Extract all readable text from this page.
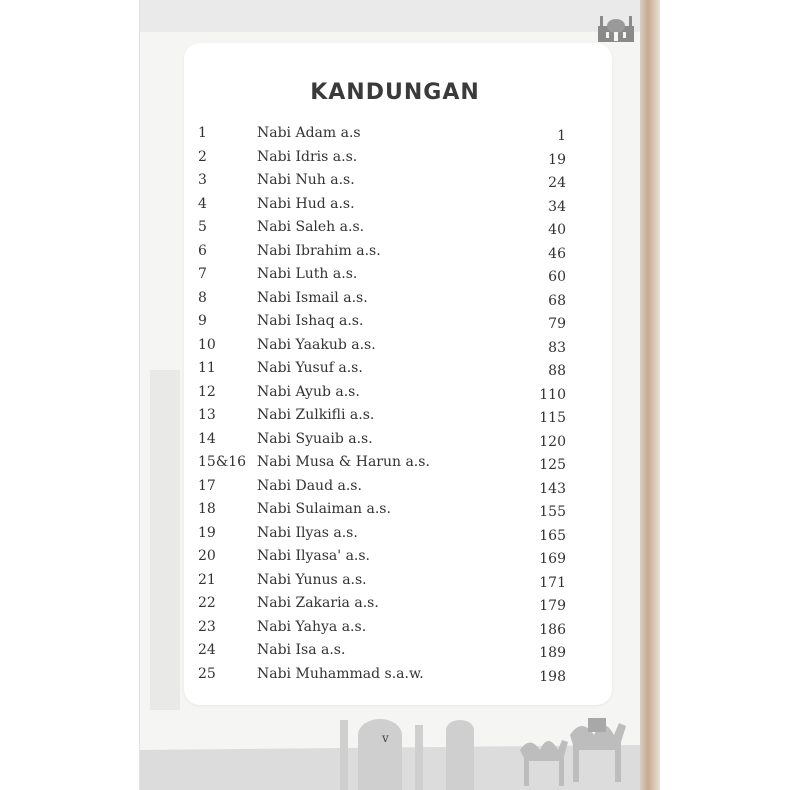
KANDUNGAN
1	Nabi Adam a.s	1
2	Nabi Idris a.s.	19
3	Nabi Nuh a.s.	24
4	Nabi Hud a.s.	34
5	Nabi Saleh a.s.	40
6	Nabi Ibrahim a.s.	46
7	Nabi Luth a.s.	60
8	Nabi Ismail a.s.	68
9	Nabi Ishaq a.s.	79
10	Nabi Yaakub a.s.	83
11	Nabi Yusuf a.s.	88
12	Nabi Ayub a.s.	110
13	Nabi Zulkifli a.s.	115
14	Nabi Syuaib a.s.	120
15&16 Nabi Musa & Harun a.s.	125
17	Nabi Daud a.s.	143
18	Nabi Sulaiman a.s.	155
19	Nabi Ilyas a.s.	165
20	Nabi Ilyasa' a.s.	169
21	Nabi Yunus a.s.	171
22	Nabi Zakaria a.s.	179
23	Nabi Yahya a.s.	186
24	Nabi Isa a.s.	189
25	Nabi Muhammad s.a.w.	198
v
